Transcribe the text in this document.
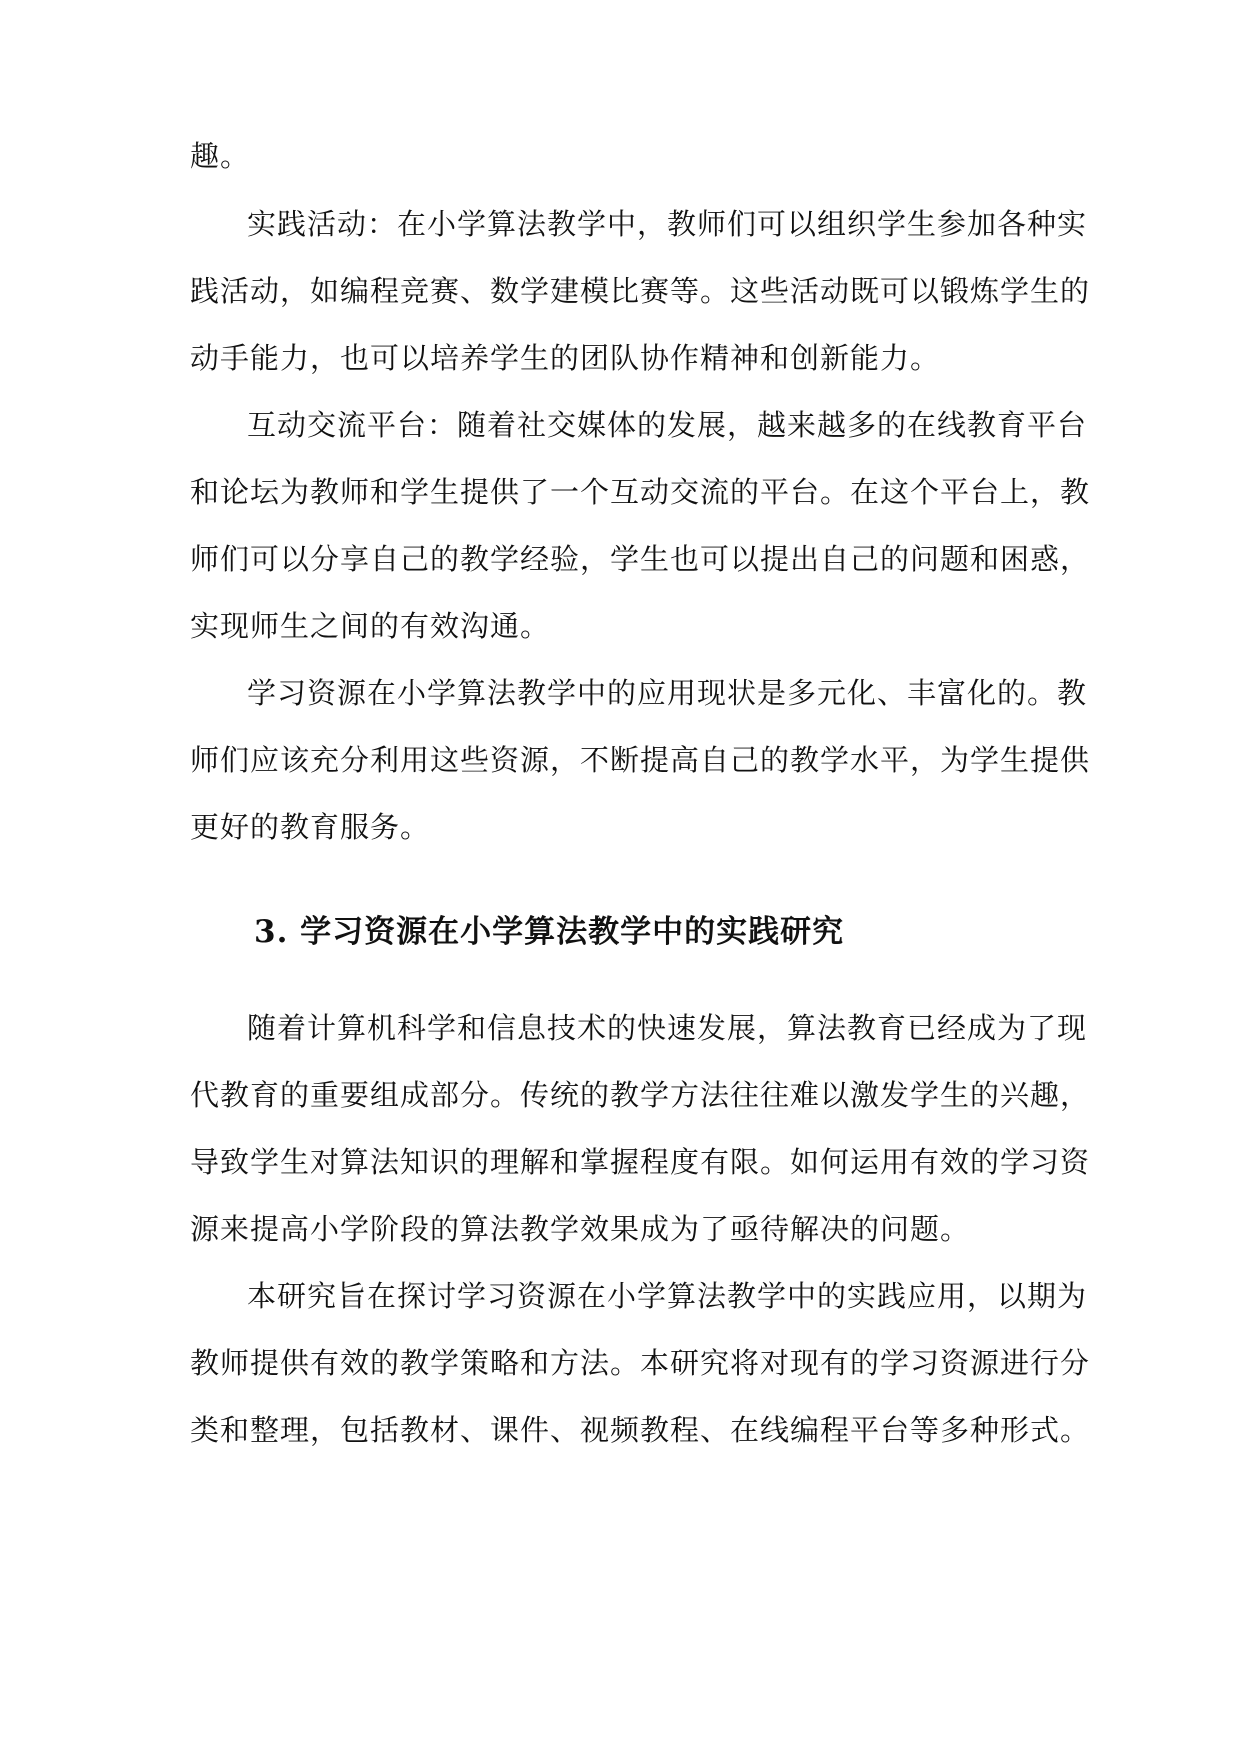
趣。
实践活动：在小学算法教学中，教师们可以组织学生参加各种实
践活动，如编程竞赛、数学建模比赛等。这些活动既可以锻炼学生的
动手能力，也可以培养学生的团队协作精神和创新能力。
互动交流平台：随着社交媒体的发展，越来越多的在线教育平台
和论坛为教师和学生提供了一个互动交流的平台。在这个平台上，教
师们可以分享自己的教学经验，学生也可以提出自己的问题和困惑，
实现师生之间的有效沟通。
学习资源在小学算法教学中的应用现状是多元化、丰富化的。教
师们应该充分利用这些资源，不断提高自己的教学水平，为学生提供
更好的教育服务。
3. 学习资源在小学算法教学中的实践研究
随着计算机科学和信息技术的快速发展，算法教育已经成为了现
代教育的重要组成部分。传统的教学方法往往难以激发学生的兴趣，
导致学生对算法知识的理解和掌握程度有限。如何运用有效的学习资
源来提高小学阶段的算法教学效果成为了亟待解决的问题。
本研究旨在探讨学习资源在小学算法教学中的实践应用，以期为
教师提供有效的教学策略和方法。本研究将对现有的学习资源进行分
类和整理，包括教材、课件、视频教程、在线编程平台等多种形式。
